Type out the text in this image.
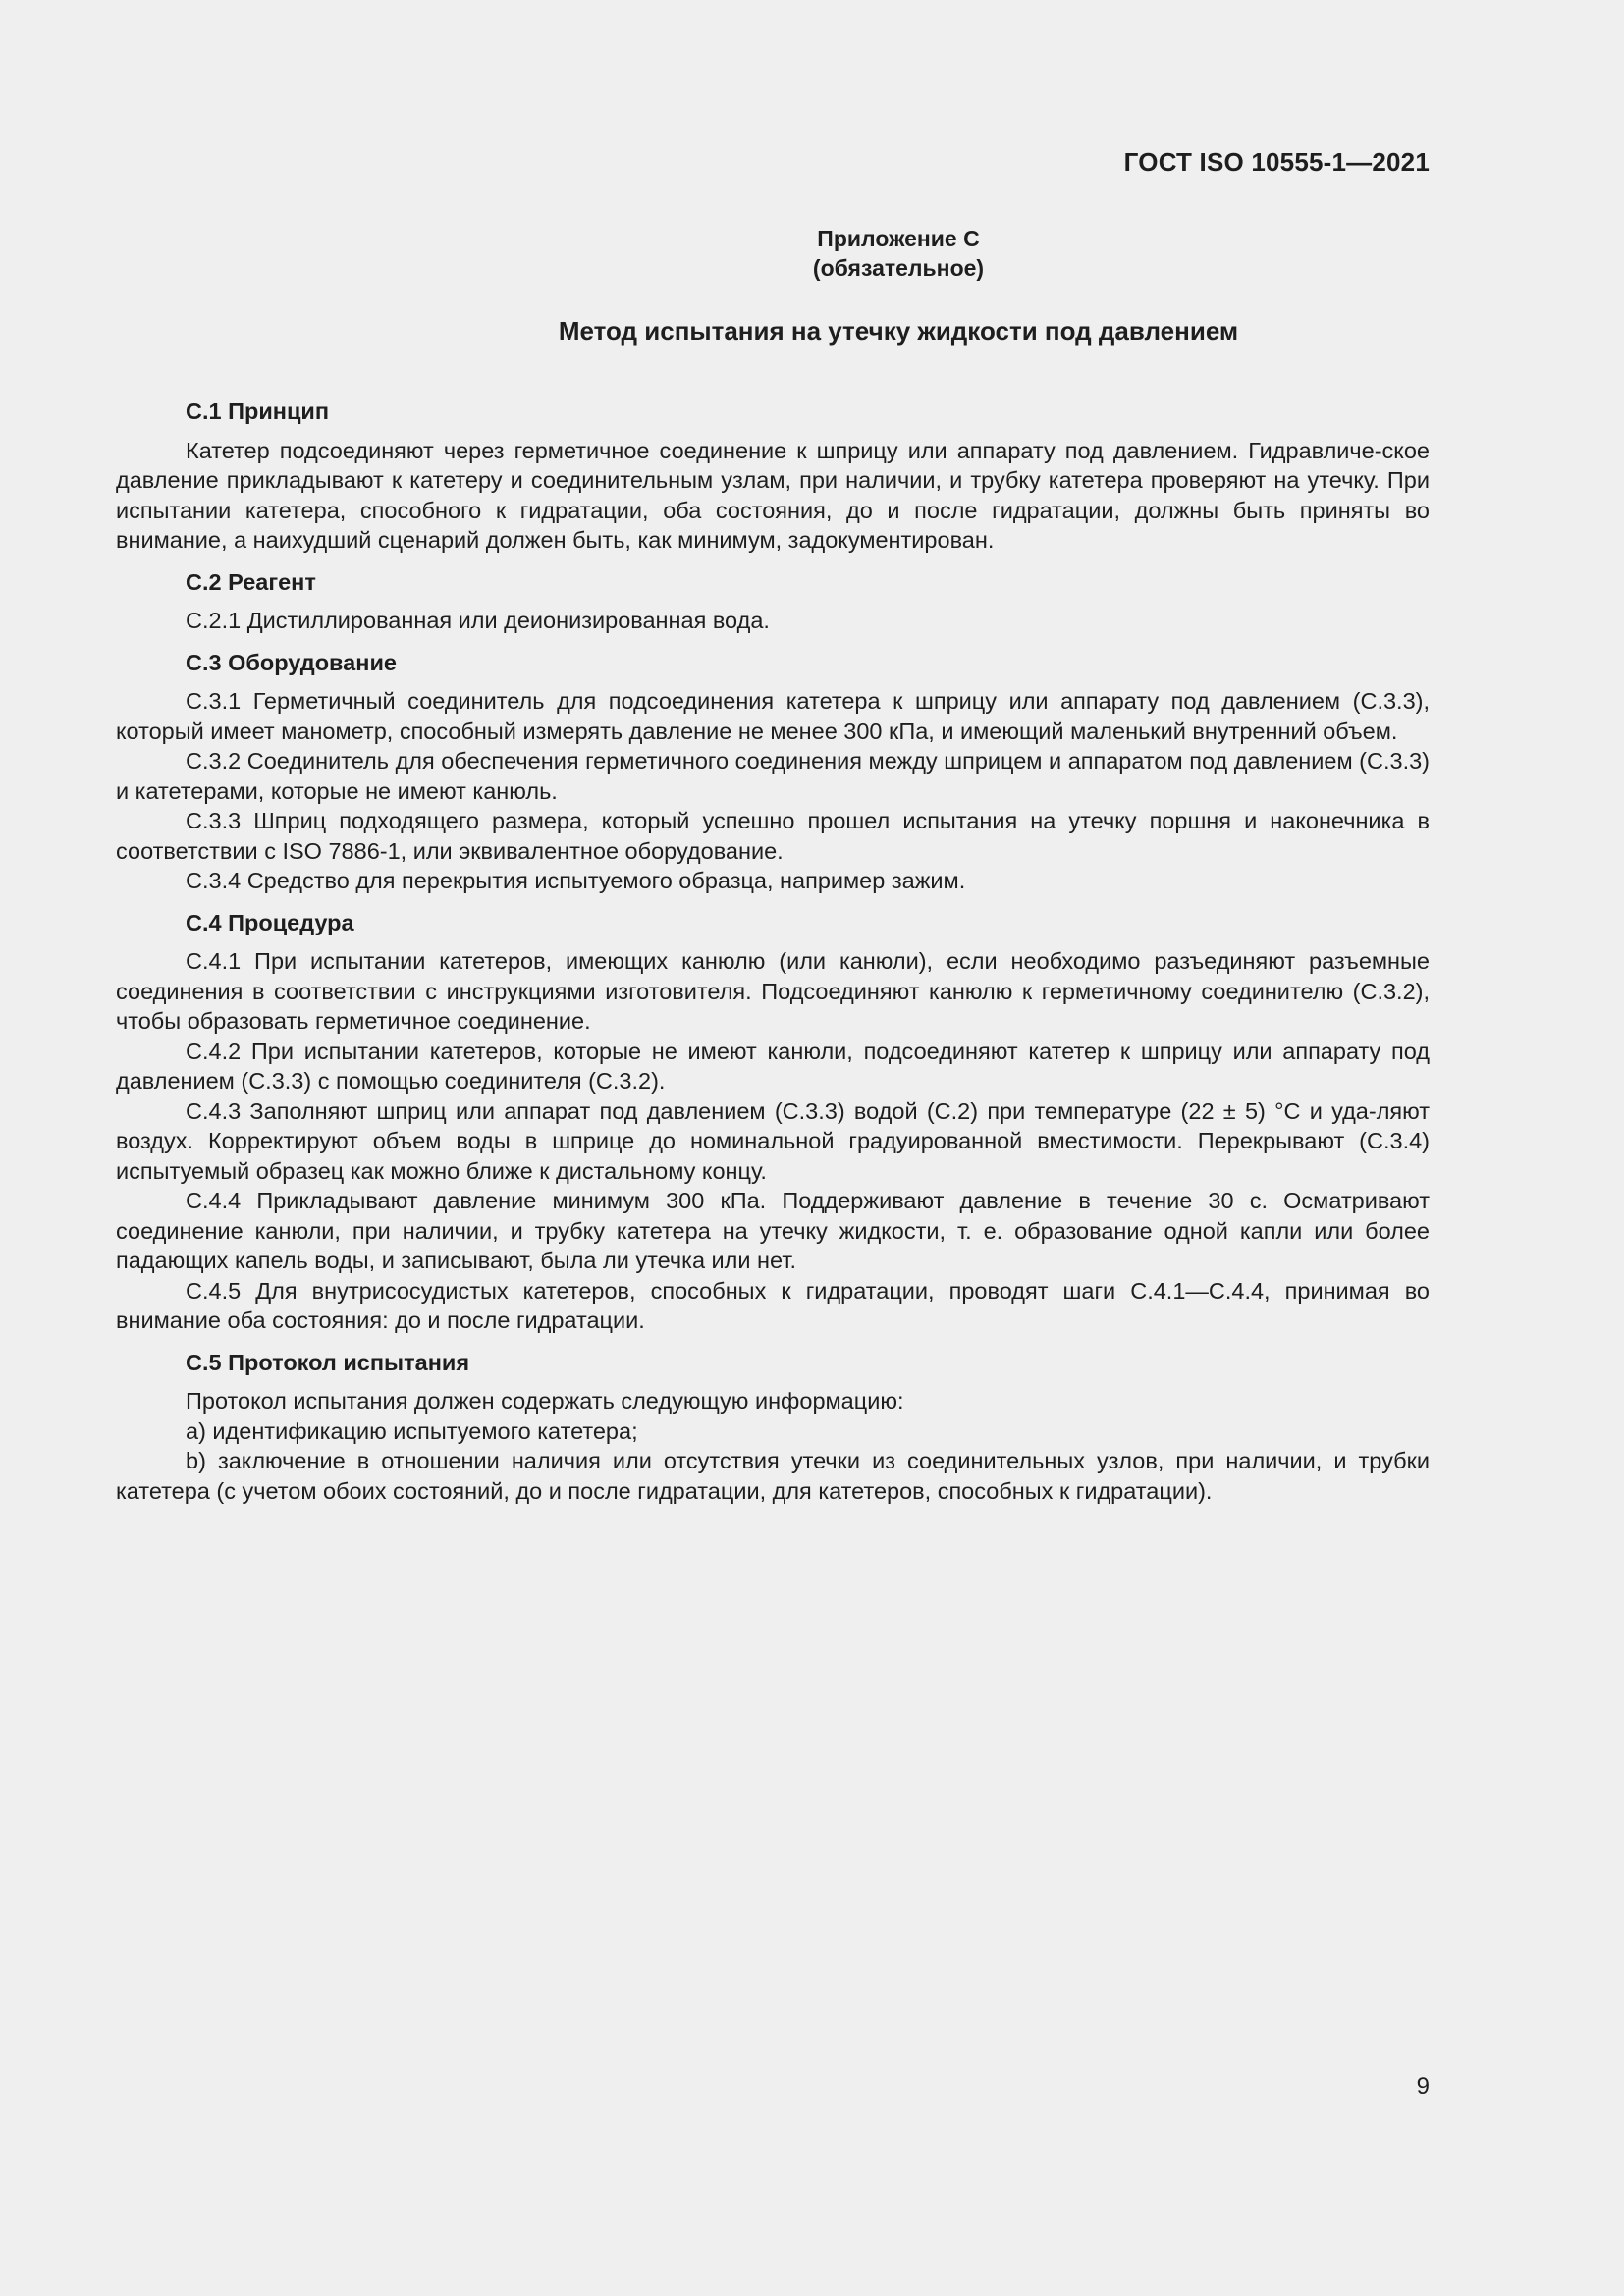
ГОСТ ISO 10555-1—2021
Приложение С
(обязательное)
Метод испытания на утечку жидкости под давлением
С.1 Принцип

Катетер подсоединяют через герметичное соединение к шприцу или аппарату под давлением. Гидравличе-ское давление прикладывают к катетеру и соединительным узлам, при наличии, и трубку катетера проверяют на утечку. При испытании катетера, способного к гидратации, оба состояния, до и после гидратации, должны быть приняты во внимание, а наихудший сценарий должен быть, как минимум, задокументирован.

С.2 Реагент

С.2.1 Дистиллированная или деионизированная вода.

С.3 Оборудование

С.3.1 Герметичный соединитель для подсоединения катетера к шприцу или аппарату под давлением (С.3.3), который имеет манометр, способный измерять давление не менее 300 кПа, и имеющий маленький внутренний объем.

С.3.2 Соединитель для обеспечения герметичного соединения между шприцем и аппаратом под давлением (С.3.3) и катетерами, которые не имеют канюль.

С.3.3 Шприц подходящего размера, который успешно прошел испытания на утечку поршня и наконечника в соответствии с ISO 7886-1, или эквивалентное оборудование.

С.3.4 Средство для перекрытия испытуемого образца, например зажим.

С.4 Процедура

С.4.1 При испытании катетеров, имеющих канюлю (или канюли), если необходимо разъединяют разъемные соединения в соответствии с инструкциями изготовителя. Подсоединяют канюлю к герметичному соединителю (С.3.2), чтобы образовать герметичное соединение.

С.4.2 При испытании катетеров, которые не имеют канюли, подсоединяют катетер к шприцу или аппарату под давлением (С.3.3) с помощью соединителя (С.3.2).

С.4.3 Заполняют шприц или аппарат под давлением (С.3.3) водой (С.2) при температуре (22 ± 5) °С и уда-ляют воздух. Корректируют объем воды в шприце до номинальной градуированной вместимости. Перекрывают (С.3.4) испытуемый образец как можно ближе к дистальному концу.

С.4.4 Прикладывают давление минимум 300 кПа. Поддерживают давление в течение 30 с. Осматривают соединение канюли, при наличии, и трубку катетера на утечку жидкости, т. е. образование одной капли или более падающих капель воды, и записывают, была ли утечка или нет.

С.4.5 Для внутрисосудистых катетеров, способных к гидратации, проводят шаги С.4.1—С.4.4, принимая во внимание оба состояния: до и после гидратации.

С.5 Протокол испытания

Протокол испытания должен содержать следующую информацию:

a) идентификацию испытуемого катетера;

b) заключение в отношении наличия или отсутствия утечки из соединительных узлов, при наличии, и трубки катетера (с учетом обоих состояний, до и после гидратации, для катетеров, способных к гидратации).

9
